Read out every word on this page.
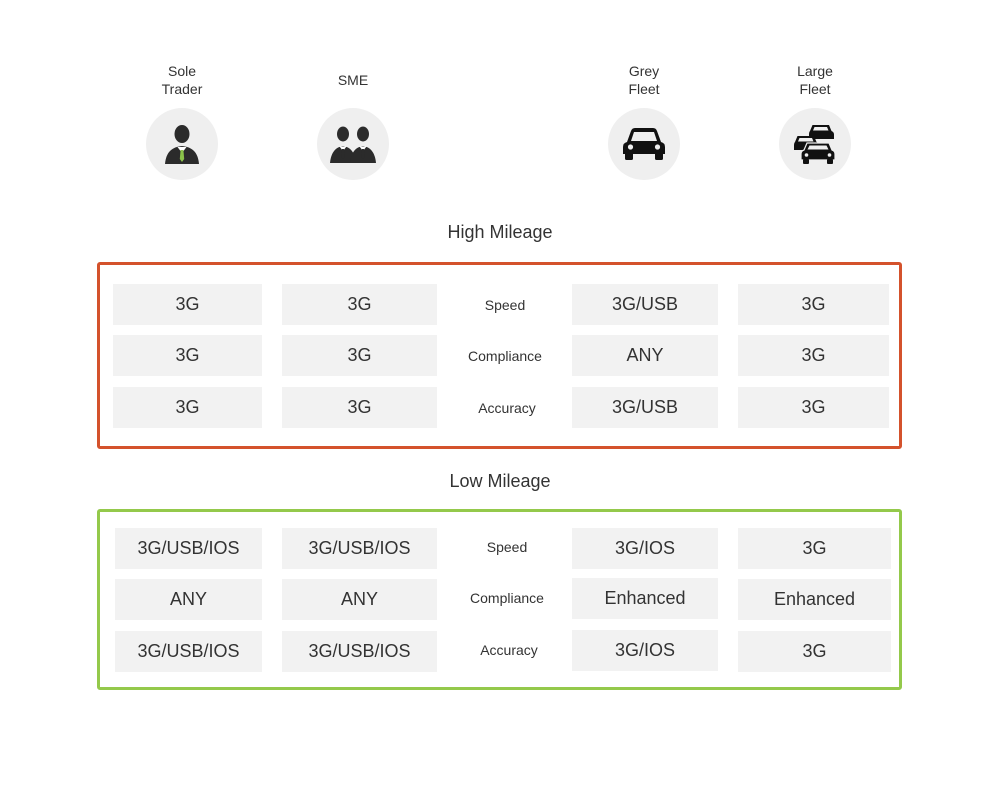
Sole
Trader
SME
Grey
Fleet
Large
Fleet
High Mileage
3G	3G	Speed	3G/USB	3G
3G	3G	Compliance	ANY	3G
3G	3G	Accuracy	3G/USB	3G
Low Mileage
3G/USB/IOS	3G/USB/IOS	Speed	3G/IOS	3G
ANY	ANY	Compliance	Enhanced	Enhanced
3G/USB/IOS	3G/USB/IOS	Accuracy	3G/IOS	3G
